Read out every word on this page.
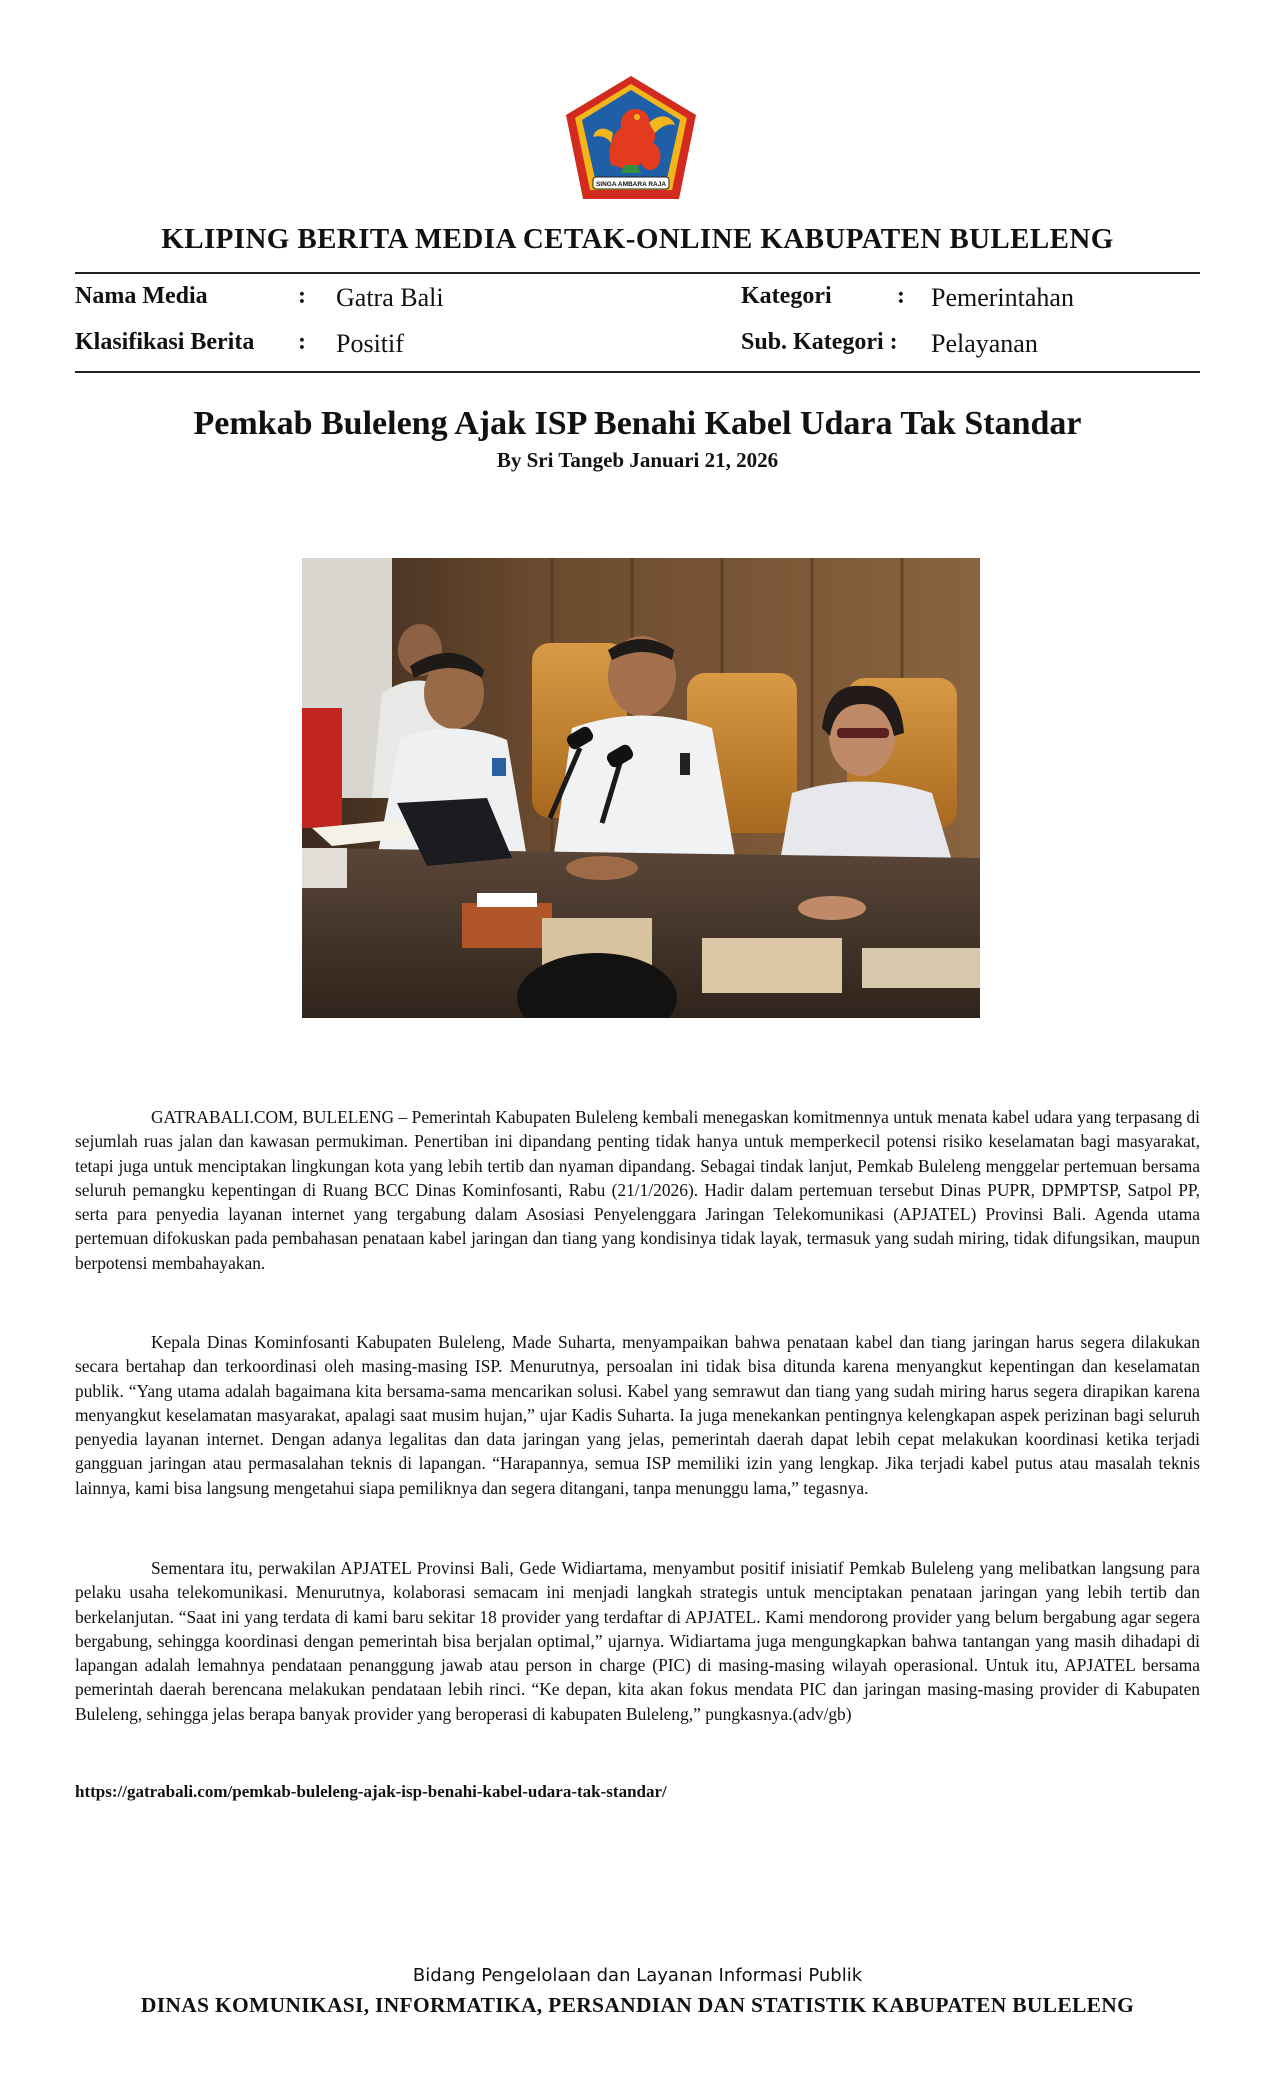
SINGA AMBARA RAJA
KLIPING BERITA MEDIA CETAK-ONLINE KABUPATEN BULELENG
Nama Media	: Gatra Bali	Kategori	: Pemerintahan
Klasifikasi Berita : Positif	Sub. Kategori : Pelayanan
Pemkab Buleleng Ajak ISP Benahi Kabel Udara Tak Standar
By Sri Tangeb Januari 21, 2026

GATRABALI.COM, BULELENG – Pemerintah Kabupaten Buleleng kembali menegaskan komitmennya untuk menata kabel udara yang terpasang di sejumlah ruas jalan dan kawasan permukiman. Penertiban ini dipandang penting tidak hanya untuk memperkecil potensi risiko keselamatan bagi masyarakat, tetapi juga untuk menciptakan lingkungan kota yang lebih tertib dan nyaman dipandang. Sebagai tindak lanjut, Pemkab Buleleng menggelar pertemuan bersama seluruh pemangku kepentingan di Ruang BCC Dinas Kominfosanti, Rabu (21/1/2026). Hadir dalam pertemuan tersebut Dinas PUPR, DPMPTSP, Satpol PP, serta para penyedia layanan internet yang tergabung dalam Asosiasi Penyelenggara Jaringan Telekomunikasi (APJATEL) Provinsi Bali. Agenda utama pertemuan difokuskan pada pembahasan penataan kabel jaringan dan tiang yang kondisinya tidak layak, termasuk yang sudah miring, tidak difungsikan, maupun berpotensi membahayakan.

Kepala Dinas Kominfosanti Kabupaten Buleleng, Made Suharta, menyampaikan bahwa penataan kabel dan tiang jaringan harus segera dilakukan secara bertahap dan terkoordinasi oleh masing-masing ISP. Menurutnya, persoalan ini tidak bisa ditunda karena menyangkut kepentingan dan keselamatan publik. “Yang utama adalah bagaimana kita bersama-sama mencarikan solusi. Kabel yang semrawut dan tiang yang sudah miring harus segera dirapikan karena menyangkut keselamatan masyarakat, apalagi saat musim hujan,” ujar Kadis Suharta. Ia juga menekankan pentingnya kelengkapan aspek perizinan bagi seluruh penyedia layanan internet. Dengan adanya legalitas dan data jaringan yang jelas, pemerintah daerah dapat lebih cepat melakukan koordinasi ketika terjadi gangguan jaringan atau permasalahan teknis di lapangan. “Harapannya, semua ISP memiliki izin yang lengkap. Jika terjadi kabel putus atau masalah teknis lainnya, kami bisa langsung mengetahui siapa pemiliknya dan segera ditangani, tanpa menunggu lama,” tegasnya.

Sementara itu, perwakilan APJATEL Provinsi Bali, Gede Widiartama, menyambut positif inisiatif Pemkab Buleleng yang melibatkan langsung para pelaku usaha telekomunikasi. Menurutnya, kolaborasi semacam ini menjadi langkah strategis untuk menciptakan penataan jaringan yang lebih tertib dan berkelanjutan. “Saat ini yang terdata di kami baru sekitar 18 provider yang terdaftar di APJATEL. Kami mendorong provider yang belum bergabung agar segera bergabung, sehingga koordinasi dengan pemerintah bisa berjalan optimal,” ujarnya. Widiartama juga mengungkapkan bahwa tantangan yang masih dihadapi di lapangan adalah lemahnya pendataan penanggung jawab atau person in charge (PIC) di masing-masing wilayah operasional. Untuk itu, APJATEL bersama pemerintah daerah berencana melakukan pendataan lebih rinci. “Ke depan, kita akan fokus mendata PIC dan jaringan masing-masing provider di Kabupaten Buleleng, sehingga jelas berapa banyak provider yang beroperasi di kabupaten Buleleng,” pungkasnya.(adv/gb)

https://gatrabali.com/pemkab-buleleng-ajak-isp-benahi-kabel-udara-tak-standar/
Bidang Pengelolaan dan Layanan Informasi Publik
DINAS KOMUNIKASI, INFORMATIKA, PERSANDIAN DAN STATISTIK KABUPATEN BULELENG
